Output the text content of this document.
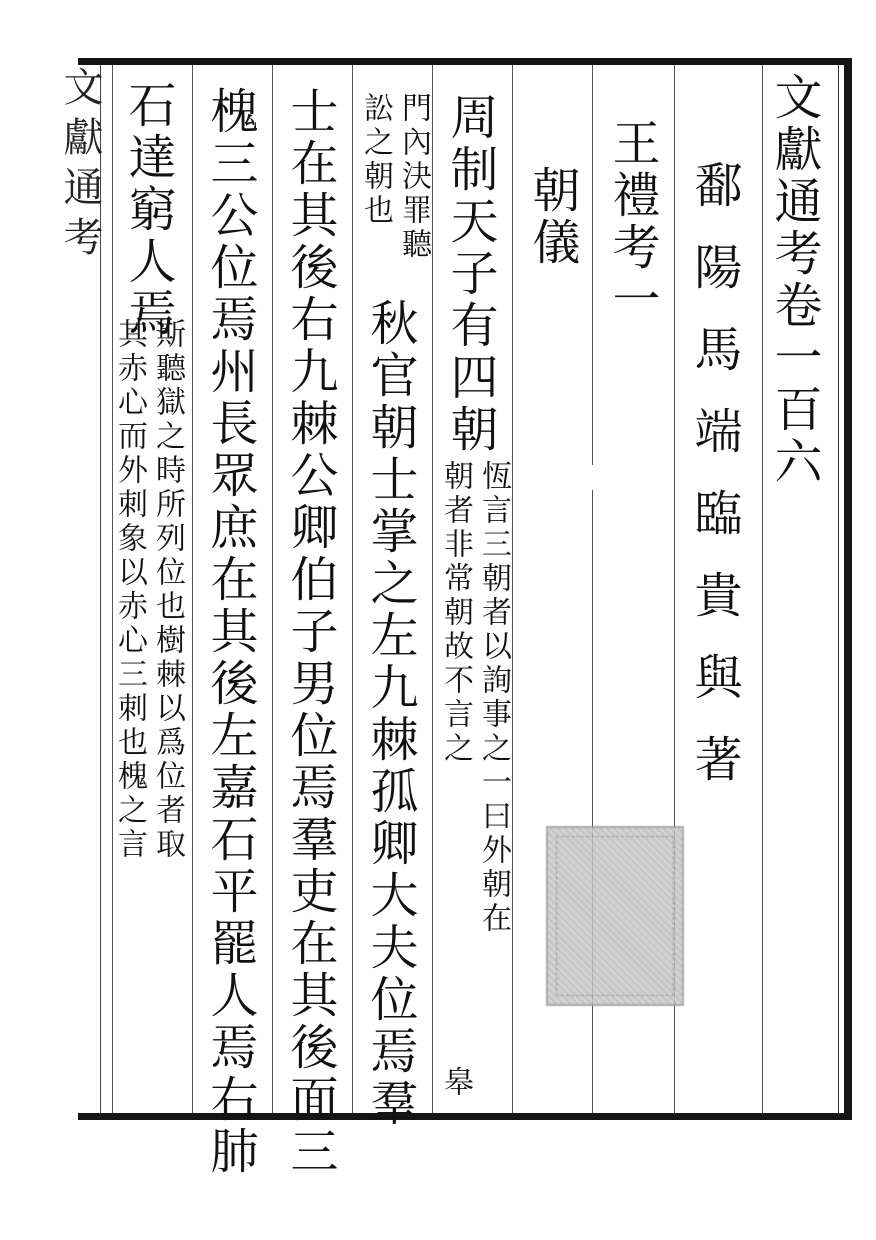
文獻通考	文獻通考卷一百六
鄱陽馬端臨貴與著
王禮考一
朝儀
周制天子有四朝
恆言三朝者以詢事之一曰外朝在
朝者非常朝故不言之
皋
門內決罪聽
訟之朝也
秋官朝士掌之左九棘孤卿大夫位焉羣
士在其後右九棘公卿伯子男位焉羣吏在其後面三
槐三公位焉州長眾庶在其後左嘉石平罷人焉右肺
石達窮人焉
斯聽獄之時所列位也樹棘以爲位者取
其赤心而外刺象以赤心三刺也槐之言
